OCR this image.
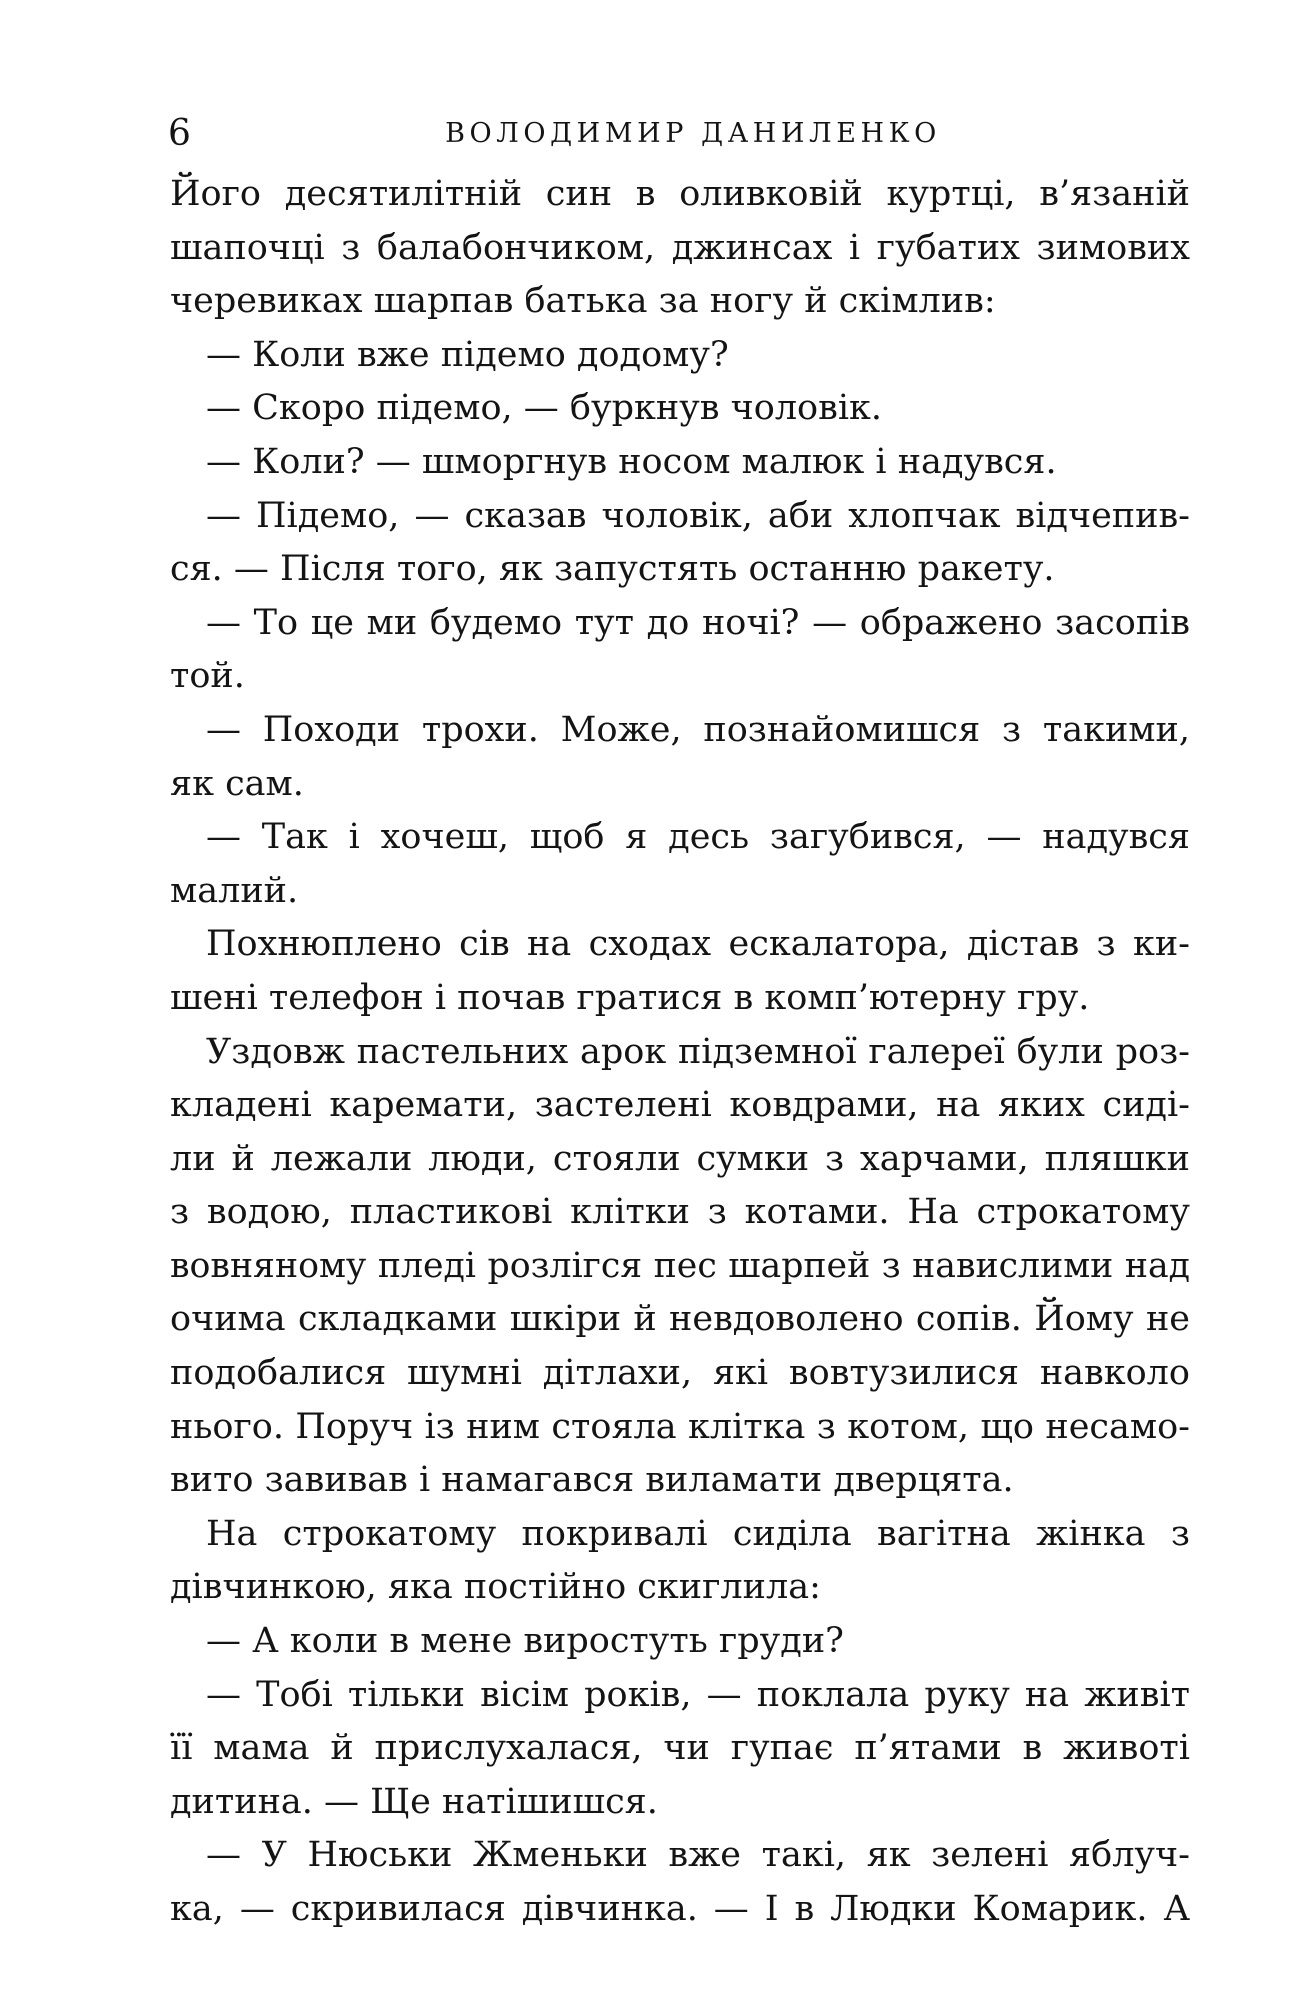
6	ВОЛОДИМИР ДАНИЛЕНКО
Його десятилітній син в оливковій куртці, в’язаній
шапочці з балабончиком, джинсах і губатих зимових
черевиках шарпав батька за ногу й скімлив:
— Коли вже підемо додому?
— Скоро підемо, — буркнув чоловік.
— Коли? — шморгнув носом малюк і надувся.
— Підемо, — сказав чоловік, аби хлопчак відчепив-
ся. — Після того, як запустять останню ракету.
— То це ми будемо тут до ночі? — ображено засопів
той.
— Походи трохи. Може, познайомишся з такими,
як сам.
— Так і хочеш, щоб я десь загубився, — надувся
малий.
Похнюплено сів на сходах ескалатора, дістав з ки-
шені телефон і почав гратися в комп’ютерну гру.
Уздовж пастельних арок підземної галереї були роз-
кладені каремати, застелені ковдрами, на яких сиді-
ли й лежали люди, стояли сумки з харчами, пляшки
з водою, пластикові клітки з котами. На строкатому
вовняному пледі розлігся пес шарпей з навислими над
очима складками шкіри й невдоволено сопів. Йому не
подобалися шумні дітлахи, які вовтузилися навколо
нього. Поруч із ним стояла клітка з котом, що несамо-
вито завивав і намагався виламати дверцята.
На строкатому покривалі сиділа вагітна жінка з
дівчинкою, яка постійно скиглила:
— А коли в мене виростуть груди?
— Тобі тільки вісім років, — поклала руку на живіт
її мама й прислухалася, чи гупає п’ятами в животі
дитина. — Ще натішишся.
— У Нюськи Жменьки вже такі, як зелені яблуч-
ка, — скривилася дівчинка. — І в Людки Комарик. А
